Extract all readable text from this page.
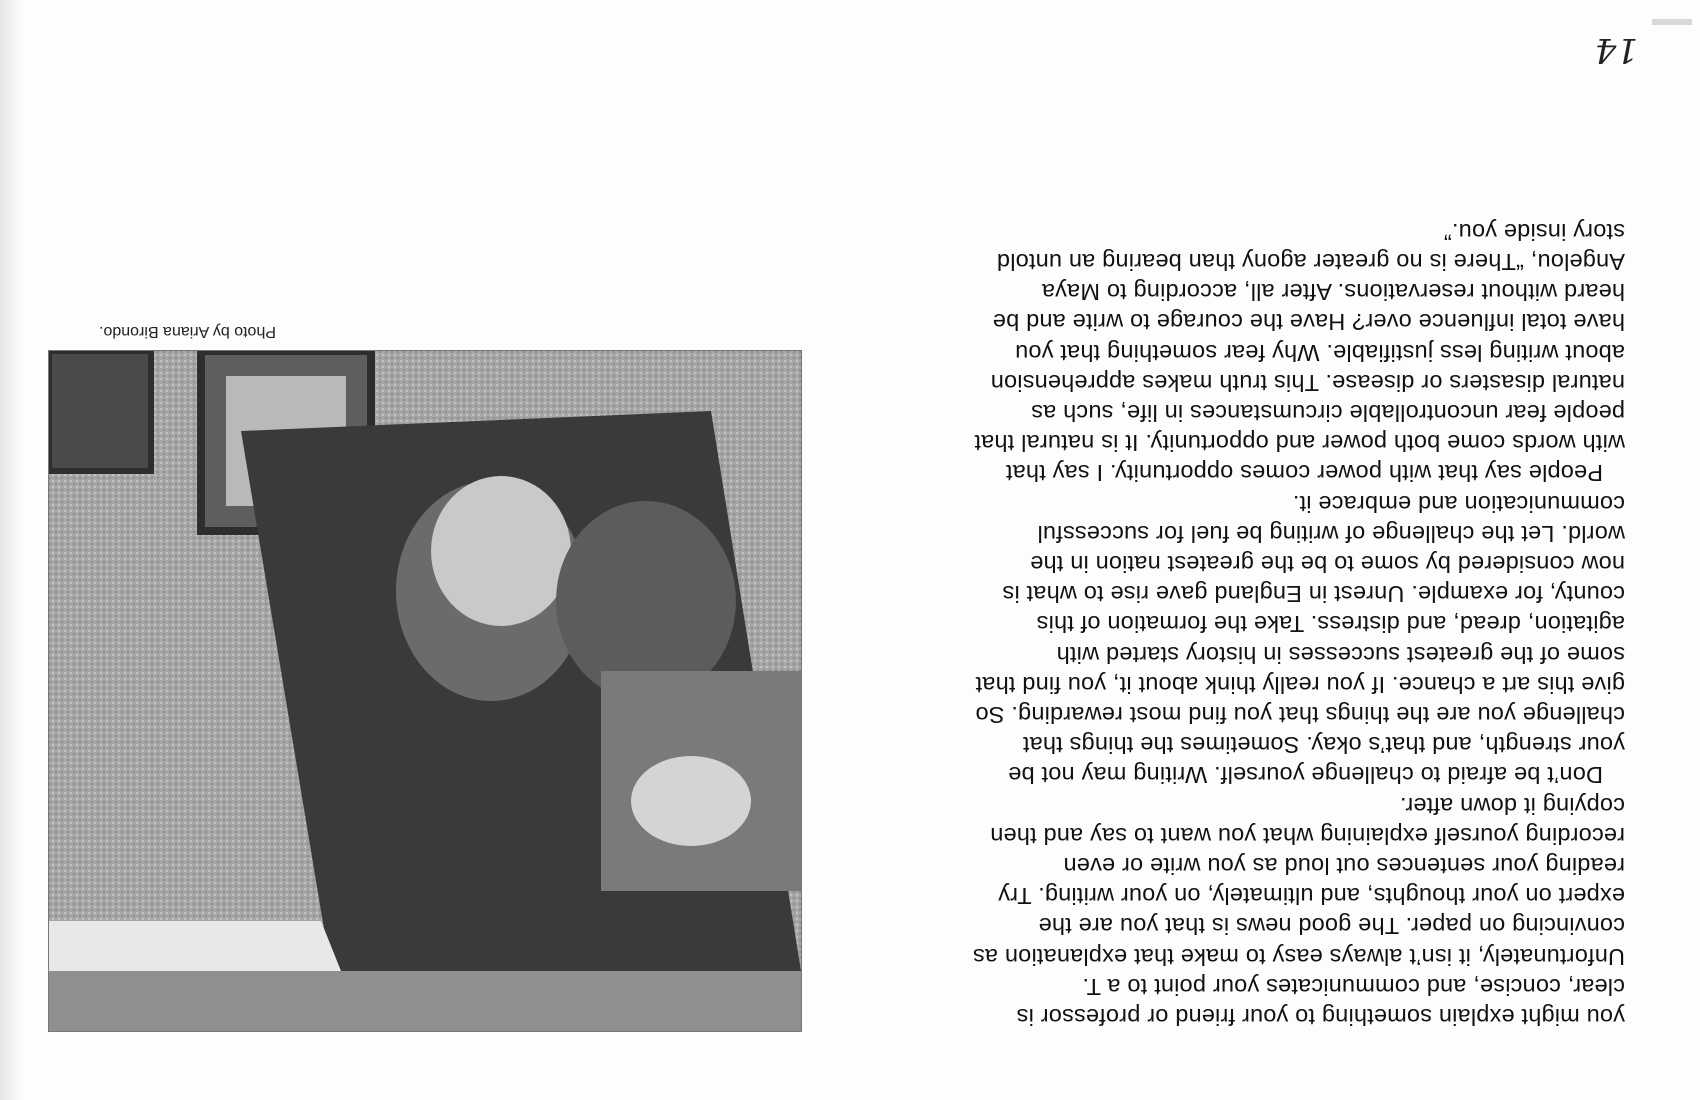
14
you might explain something to your friend or professor is
clear, concise, and communicates your point to a T.
Unfortunately, it isn’t always easy to make that explanation as
convincing on paper. The good news is that you are the
expert on your thoughts, and ultimately, on your writing. Try
reading your sentences out loud as you write or even
recording yourself explaining what you want to say and then
copying it down after.
Don’t be afraid to challenge yourself. Writing may not be
your strength, and that’s okay. Sometimes the things that
challenge you are the things that you find most rewarding. So
give this art a chance. If you really think about it, you find that
some of the greatest successes in history started with
agitation, dread, and distress. Take the formation of this
county, for example. Unrest in England gave rise to what is
now considered by some to be the greatest nation in the
world. Let the challenge of writing be fuel for successful
communication and embrace it.
People say that with power comes opportunity. I say that
with words come both power and opportunity. It is natural that
people fear uncontrollable circumstances in life, such as
natural disasters or disease. This truth makes apprehension
about writing less justifiable. Why fear something that you
have total influence over? Have the courage to write and be
heard without reservations. After all, according to Maya
Angelou, “There is no greater agony than bearing an untold
story inside you.”
Photo by Ariana Birondo.
